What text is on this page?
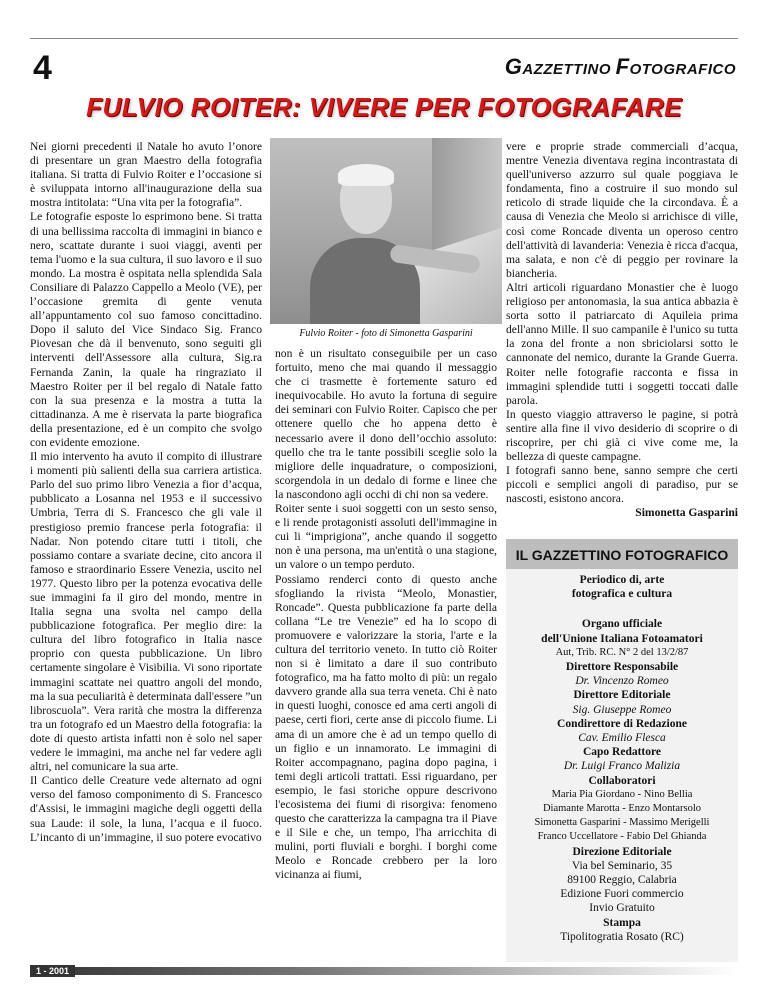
4	GAZZETTINO FOTOGRAFICO
FULVIO ROITER: VIVERE PER FOTOGRAFARE

Nei giorni precedenti il Natale ho avuto l’onore di presentare un gran Maestro della fotografia italiana. Si tratta di Fulvio Roiter e l’occasione si è sviluppata intorno all'inaugurazione della sua mostra intitolata: “Una vita per la fotografia”.

Le fotografie esposte lo esprimono bene. Si tratta di una bellissima raccolta di immagini in bianco e nero, scattate durante i suoi viaggi, aventi per tema l'uomo e la sua cultura, il suo lavoro e il suo mondo. La mostra è ospitata nella splendida Sala Consiliare di Palazzo Cappello a Meolo (VE), per l’occasione gremita di gente venuta all’appuntamento col suo famoso concittadino. Dopo il saluto del Vice Sindaco Sig. Franco Piovesan che dà il benvenuto, sono seguiti gli interventi dell'Assessore alla cultura, Sig.ra Fernanda Zanin, la quale ha ringraziato il Maestro Roiter per il bel regalo di Natale fatto con la sua presenza e la mostra a tutta la cittadinanza. A me è riservata la parte biografica della presentazione, ed è un compito che svolgo con evidente emozione.

Il mio intervento ha avuto il compito di illustrare i momenti più salienti della sua carriera artistica. Parlo del suo primo libro Venezia a fior d’acqua, pubblicato a Losanna nel 1953 e il successivo Umbria, Terra di S. Francesco che gli vale il prestigioso premio francese perla fotografia: il Nadar. Non potendo citare tutti i titoli, che possiamo contare a svariate decine, cito ancora il famoso e straordinario Essere Venezia, uscito nel 1977. Questo libro per la potenza evocativa delle sue immagini fa il giro del mondo, mentre in Italia segna una svolta nel campo della pubblicazione fotografica. Per meglio dire: la cultura del libro fotografico in Italia nasce proprio con questa pubblicazione. Un libro certamente singolare è Visibilia. Vi sono riportate immagini scattate nei quattro angoli del mondo, ma la sua peculiarità è determinata dall'essere ”un libroscuola”. Vera rarità che mostra la differenza tra un fotografo ed un Maestro della fotografia: la dote di questo artista infatti non è solo nel saper vedere le immagini, ma anche nel far vedere agli altri, nel comunicare la sua arte.

Il Cantico delle Creature vede alternato ad ogni verso del famoso componimento di S. Francesco d'Assisi, le immagini magiche degli oggetti della sua Laude: il sole, la luna, l’acqua e il fuoco. L’incanto di un’immagine, il suo potere evocativo

Fulvio Roiter - foto di Simonetta Gasparini

non è un risultato conseguibile per un caso fortuito, meno che mai quando il messaggio che ci trasmette è fortemente saturo ed inequivocabile. Ho avuto la fortuna di seguire dei seminari con Fulvio Roiter. Capisco che per ottenere quello che ho appena detto è necessario avere il dono dell’occhio assoluto: quello che tra le tante possibili sceglie solo la migliore delle inquadrature, o composizioni, scorgendola in un dedalo di forme e linee che la nascondono agli occhi di chi non sa vedere.

Roiter sente i suoi soggetti con un sesto senso, e li rende protagonisti assoluti dell'immagine in cui li “imprigiona”, anche quando il soggetto non è una persona, ma un'entità o una stagione, un valore o un tempo perduto.

Possiamo renderci conto di questo anche sfogliando la rivista “Meolo, Monastier, Roncade”. Questa pubblicazione fa parte della collana “Le tre Venezie” ed ha lo scopo di promuovere e valorizzare la storia, l'arte e la cultura del territorio veneto. In tutto ciò Roiter non si è limitato a dare il suo contributo fotografico, ma ha fatto molto di più: un regalo davvero grande alla sua terra veneta. Chi è nato in questi luoghi, conosce ed ama certi angoli di paese, certi fiori, certe anse di piccolo fiume. Li ama di un amore che è ad un tempo quello di un figlio e un innamorato. Le immagini di Roiter accompagnano, pagina dopo pagina, i temi degli articoli trattati. Essi riguardano, per esempio, le fasi storiche oppure descrivono l'ecosistema dei fiumi di risorgiva: fenomeno questo che caratterizza la campagna tra il Piave e il Sile e che, un tempo, l'ha arricchita di mulini, porti fluviali e borghi. I borghi come Meolo e Roncade crebbero per la loro vicinanza ai fiumi,

vere e proprie strade commerciali d’acqua, mentre Venezia diventava regina incontrastata di quell'universo azzurro sul quale poggiava le fondamenta, fino a costruire il suo mondo sul reticolo di strade liquide che la circondava. È a causa di Venezia che Meolo si arrichisce di ville, così come Roncade diventa un operoso centro dell'attività di lavanderia: Venezia è ricca d'acqua, ma salata, e non c'è di peggio per rovinare la biancheria.

Altri articoli riguardano Monastier che è luogo religioso per antonomasia, la sua antica abbazia è sorta sotto il patriarcato di Aquileia prima dell'anno Mille. Il suo campanile è l'unico su tutta la zona del fronte a non sbriciolarsi sotto le cannonate del nemico, durante la Grande Guerra. Roiter nelle fotografie racconta e fissa in immagini splendide tutti i soggetti toccati dalle parola.

In questo viaggio attraverso le pagine, si potrà sentire alla fine il vivo desiderio di scoprire o di riscoprire, per chi già ci vive come me, la bellezza di queste campagne.

I fotografi sanno bene, sanno sempre che certi piccoli e semplici angoli di paradiso, pur se nascosti, esistono ancora.

Simonetta Gasparini

IL GAZZETTINO FOTOGRAFICO
Periodico di, arte
fotografica e cultura
Organo ufficiale
dell'Unione Italiana Fotoamatori
Aut, Trib. RC. N° 2 del 13/2/87
Direttore Responsabile
Dr. Vincenzo Romeo
Direttore Editoriale
Sig. Giuseppe Romeo
Condirettore di Redazione
Cav. Emilio Flesca
Capo Redattore
Dr. Luigi Franco Malizia
Collaboratori
Maria Pia Giordano - Nino Bellia
Diamante Marotta - Enzo Montarsolo
Simonetta Gasparini - Massimo Merigelli
Franco Uccellatore - Fabio Del Ghianda
Direzione Editoriale
Via bel Seminario, 35
89100 Reggio, Calabria
Edizione Fuori commercio
Invio Gratuito
Stampa
Tipolitogratia Rosato (RC)
1 - 2001
